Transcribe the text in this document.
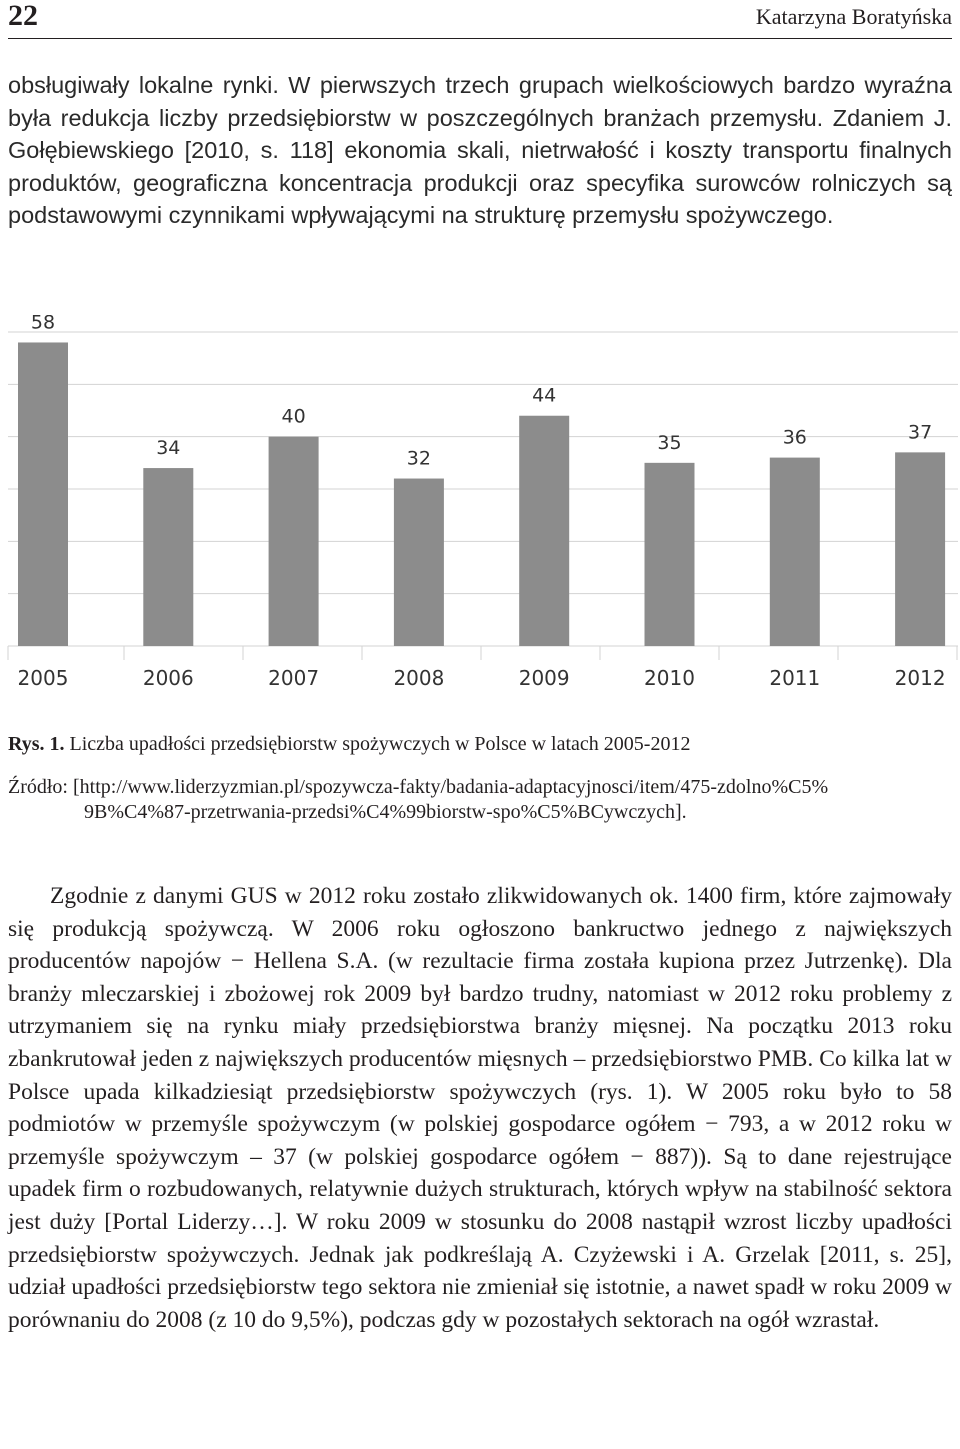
22	Katarzyna Boratyńska

obsługiwały lokalne rynki. W pierwszych trzech grupach wielkościowych bardzo wyraźna była redukcja liczby przedsiębiorstw w poszczególnych branżach przemysłu. Zdaniem J. Gołębiewskiego [2010, s. 118] ekonomia skali, nietrwałość i koszty transportu finalnych produktów, geograficzna koncentracja produkcji oraz specyfika surowców rolniczych są podstawowymi czynnikami wpływającymi na strukturę przemysłu spożywczego.

58
34
40
32
44
35	36	37
2005	2006	2007	2008	2009	2010	2011	2012
Rys. 1. Liczba upadłości przedsiębiorstw spożywczych w Polsce w latach 2005-2012
Źródło: [http://www.liderzyzmian.pl/spozywcza-fakty/badania-adaptacyjnosci/item/475-zdolno%C5%
9B%C4%87-przetrwania-przedsi%C4%99biorstw-spo%C5%BCywczych].

Zgodnie z danymi GUS w 2012 roku zostało zlikwidowanych ok. 1400 firm, które zajmowały się produkcją spożywczą. W 2006 roku ogłoszono bankructwo jednego z największych producentów napojów − Hellena S.A. (w rezultacie firma została kupiona przez Jutrzenkę). Dla branży mleczarskiej i zbożowej rok 2009 był bardzo trudny, natomiast w 2012 roku problemy z utrzymaniem się na rynku miały przedsiębiorstwa branży mięsnej. Na początku 2013 roku zbankrutował jeden z największych producentów mięsnych – przedsiębiorstwo PMB. Co kilka lat w Polsce upada kilkadziesiąt przedsiębiorstw spożywczych (rys. 1). W 2005 roku było to 58 podmiotów w przemyśle spożywczym (w polskiej gospodarce ogółem − 793, a w 2012 roku w przemyśle spożywczym – 37 (w polskiej gospodarce ogółem − 887)). Są to dane rejestrujące upadek firm o rozbudowanych, relatywnie dużych strukturach, których wpływ na stabilność sektora jest duży [Portal Liderzy…]. W roku 2009 w stosunku do 2008 nastąpił wzrost liczby upadłości przedsiębiorstw spożywczych. Jednak jak podkreślają A. Czyżewski i A. Grzelak [2011, s. 25], udział upadłości przedsiębiorstw tego sektora nie zmieniał się istotnie, a nawet spadł w roku 2009 w porównaniu do 2008 (z 10 do 9,5%), podczas gdy w pozostałych sektorach na ogół wzrastał.
